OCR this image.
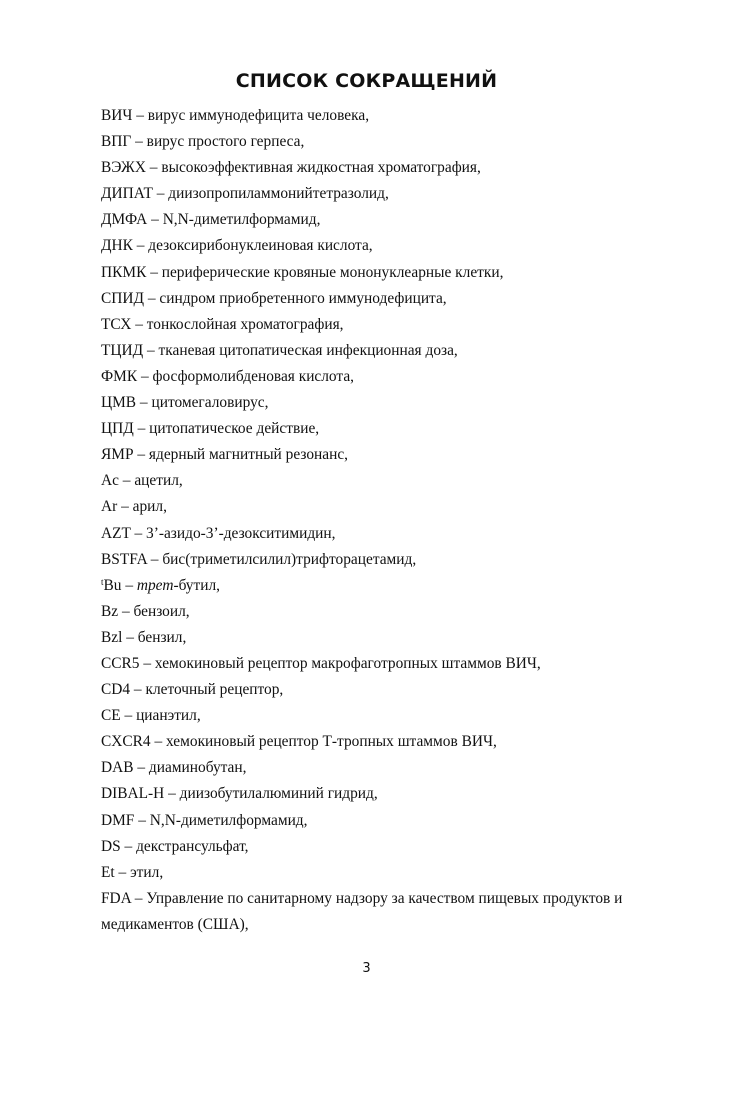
СПИСОК СОКРАЩЕНИЙ
ВИЧ – вирус иммунодефицита человека,
ВПГ – вирус простого герпеса,
ВЭЖХ – высокоэффективная жидкостная хроматография,
ДИПАТ – диизопропиламмонийтетразолид,
ДМФА – N,N-диметилформамид,
ДНК – дезоксирибонуклеиновая кислота,
ПКМК – периферические кровяные мононуклеарные клетки,
СПИД – синдром приобретенного иммунодефицита,
ТСХ – тонкослойная хроматография,
ТЦИД – тканевая цитопатическая инфекционная доза,
ФМК – фосформолибденовая кислота,
ЦМВ – цитомегаловирус,
ЦПД – цитопатическое действие,
ЯМР – ядерный магнитный резонанс,
Ac – ацетил,
Ar – арил,
AZT – 3’-азидо-3’-дезокситимидин,
BSTFA – бис(триметилсилил)трифторацетамид,
$^t$Bu – трет-бутил,
Bz – бензоил,
Bzl – бензил,
CCR5 – хемокиновый рецептор макрофаготропных штаммов ВИЧ,
CD4 – клеточный рецептор,
CE – цианэтил,
CXCR4 – хемокиновый рецептор Т-тропных штаммов ВИЧ,
DAB – диаминобутан,
DIBAL-H – диизобутилалюминий гидрид,
DMF – N,N-диметилформамид,
DS – декстрансульфат,
Et – этил,
FDA – Управление по санитарному надзору за качеством пищевых продуктов и медикаментов (США),
3
